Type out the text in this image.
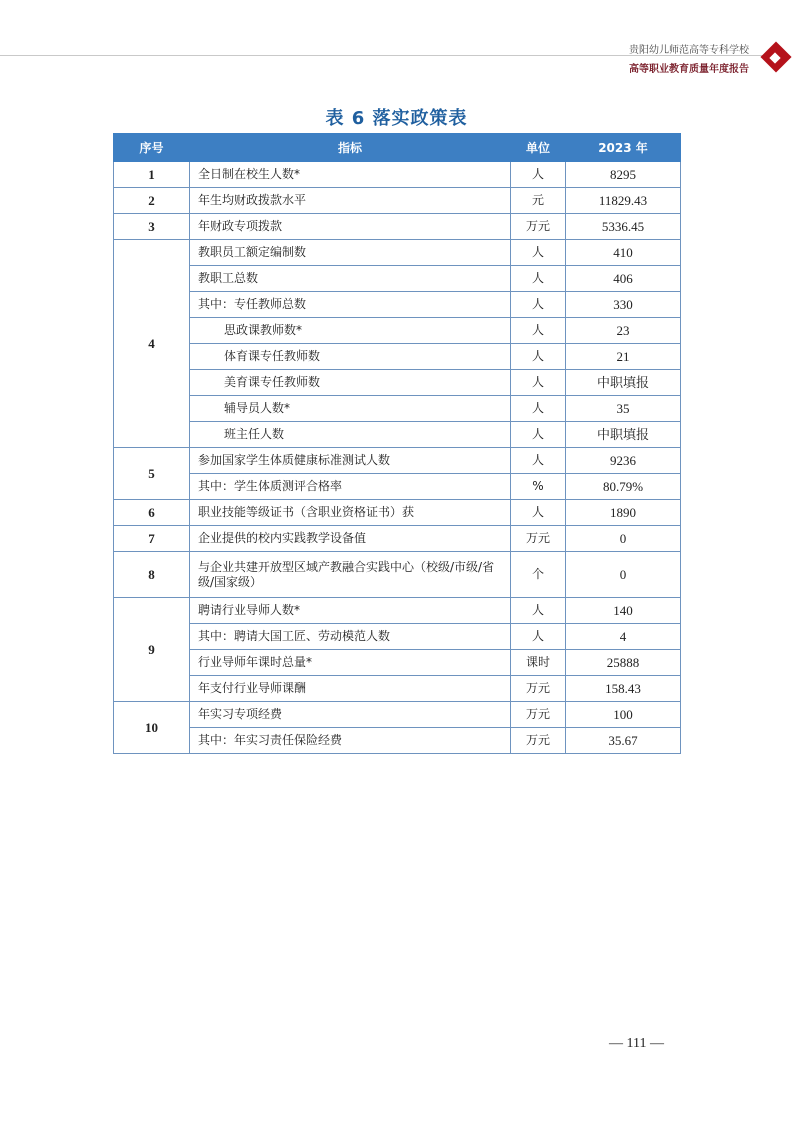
贵阳幼儿师范高等专科学校
高等职业教育质量年度报告
表 6 落实政策表
序号	指标	单位	2023 年
1	全日制在校生人数*	人	8295
2	年生均财政拨款水平	元	11829.43
3	年财政专项拨款	万元	5336.45
4	教职员工额定编制数	人	410
	教职工总数	人	406
	其中：专任教师总数	人	330
	思政课教师数*	人	23
	体育课专任教师数	人	21
	美育课专任教师数	人	中职填报
	辅导员人数*	人	35
	班主任人数	人	中职填报
5	参加国家学生体质健康标准测试人数	人	9236
	其中：学生体质测评合格率	%	80.79%
6	职业技能等级证书（含职业资格证书）获	人	1890
7	企业提供的校内实践教学设备值	万元	0
8	与企业共建开放型区域产教融合实践中心（校级/市级/省级/国家级）	个	0
9	聘请行业导师人数*	人	140
	其中：聘请大国工匠、劳动模范人数	人	4
	行业导师年课时总量*	课时	25888
	年支付行业导师课酬	万元	158.43
10	年实习专项经费	万元	100
	其中：年实习责任保险经费	万元	35.67
— 111 —
